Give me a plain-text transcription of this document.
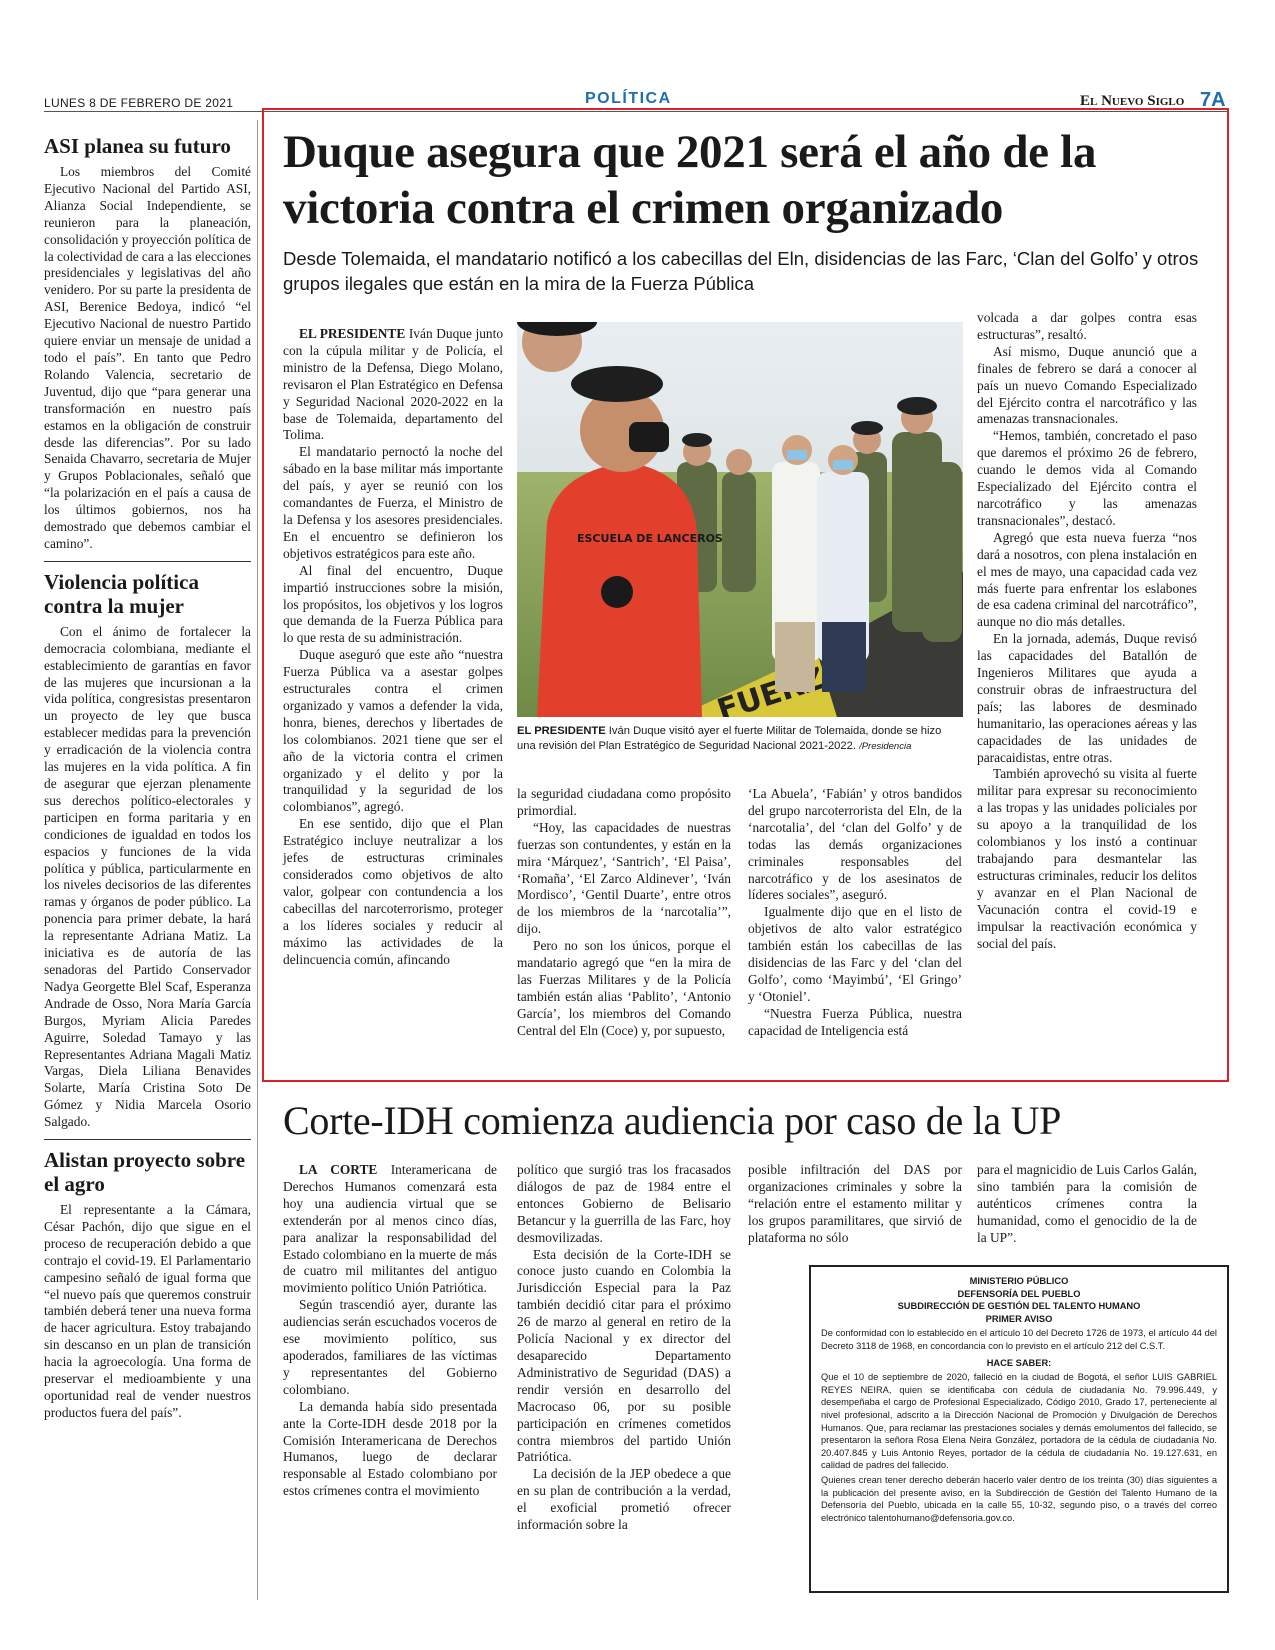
LUNES 8 DE FEBRERO DE 2021	POLÍTICA	El Nuevo Siglo 7A
ASI planea su futuro

Los miembros del Comité Ejecutivo Nacional del Partido ASI, Alianza Social Independiente, se reunieron para la planeación, consolidación y proyección política de la colectividad de cara a las elecciones presidenciales y legislativas del año venidero. Por su parte la presidenta de ASI, Berenice Bedoya, indicó “el Ejecutivo Nacional de nuestro Partido quiere enviar un mensaje de unidad a todo el país”. En tanto que Pedro Rolando Valencia, secretario de Juventud, dijo que “para generar una transformación en nuestro país estamos en la obligación de construir desde las diferencias”. Por su lado Senaida Chavarro, secretaria de Mujer y Grupos Poblacionales, señaló que “la polarización en el país a causa de los últimos gobiernos, nos ha demostrado que debemos cambiar el camino”.

Violencia política contra la mujer

Con el ánimo de fortalecer la democracia colombiana, mediante el establecimiento de garantías en favor de las mujeres que incursionan a la vida política, congresistas presentaron un proyecto de ley que busca establecer medidas para la prevención y erradicación de la violencia contra las mujeres en la vida política. A fin de asegurar que ejerzan plenamente sus derechos político-electorales y participen en forma paritaria y en condiciones de igualdad en todos los espacios y funciones de la vida política y pública, particularmente en los niveles decisorios de las diferentes ramas y órganos de poder público. La ponencia para primer debate, la hará la representante Adriana Matiz. La iniciativa es de autoría de las senadoras del Partido Conservador Nadya Georgette Blel Scaf, Esperanza Andrade de Osso, Nora María García Burgos, Myriam Alicia Paredes Aguirre, Soledad Tamayo y las Representantes Adriana Magali Matiz Vargas, Diela Liliana Benavides Solarte, María Cristina Soto De Gómez y Nidia Marcela Osorio Salgado.

Alistan proyecto sobre el agro

El representante a la Cámara, César Pachón, dijo que sigue en el proceso de recuperación debido a que contrajo el covid-19. El Parlamentario campesino señaló de igual forma que “el nuevo país que queremos construir también deberá tener una nueva forma de hacer agricultura. Estoy trabajando sin descanso en un plan de transición hacia la agroecología. Una forma de preservar el medioambiente y una oportunidad real de vender nuestros productos fuera del país”.

Duque asegura que 2021 será el año de la victoria contra el crimen organizado
Desde Tolemaida, el mandatario notificó a los cabecillas del Eln, disidencias de las Farc, ‘Clan del Golfo’ y otros grupos ilegales que están en la mira de la Fuerza Pública

EL PRESIDENTE Iván Duque junto con la cúpula militar y de Policía, el ministro de la Defensa, Diego Molano, revisaron el Plan Estratégico en Defensa y Seguridad Nacional 2020-2022 en la base de Tolemaida, departamento del Tolima.

El mandatario pernoctó la noche del sábado en la base militar más importante del país, y ayer se reunió con los comandantes de Fuerza, el Ministro de la Defensa y los asesores presidenciales. En el encuentro se definieron los objetivos estratégicos para este año.

Al final del encuentro, Duque impartió instrucciones sobre la misión, los propósitos, los objetivos y los logros que demanda de la Fuerza Pública para lo que resta de su administración.

Duque aseguró que este año “nuestra Fuerza Pública va a asestar golpes estructurales contra el crimen organizado y vamos a defender la vida, honra, bienes, derechos y libertades de los colombianos. 2021 tiene que ser el año de la victoria contra el crimen organizado y el delito y por la tranquilidad y la seguridad de los colombianos”, agregó.

En ese sentido, dijo que el Plan Estratégico incluye neutralizar a los jefes de estructuras criminales considerados como objetivos de alto valor, golpear con contundencia a los cabecillas del narcoterrorismo, proteger a los líderes sociales y reducir al máximo las actividades de la delincuencia común, afincando

ESCUELA DE LANCEROS
EL PRESIDENTE Iván Duque visitó ayer el fuerte Militar de Tolemaida, donde se hizo una revisión del Plan Estratégico de Seguridad Nacional 2021-2022. /Presidencia

la seguridad ciudadana como propósito primordial.

“Hoy, las capacidades de nuestras fuerzas son contundentes, y están en la mira ‘Márquez’, ‘Santrich’, ‘El Paisa’, ‘Romaña’, ‘El Zarco Aldinever’, ‘Iván Mordisco’, ‘Gentil Duarte’, entre otros de los miembros de la ‘narcotalia’”, dijo.

Pero no son los únicos, porque el mandatario agregó que “en la mira de las Fuerzas Militares y de la Policía también están alias ‘Pablito’, ‘Antonio García’, los miembros del Comando Central del Eln (Coce) y, por supuesto,

‘La Abuela’, ‘Fabián’ y otros bandidos del grupo narcoterrorista del Eln, de la ‘narcotalia’, del ‘clan del Golfo’ y de todas las demás organizaciones criminales responsables del narcotráfico y de los asesinatos de líderes sociales”, aseguró.

Igualmente dijo que en el listo de objetivos de alto valor estratégico también están los cabecillas de las disidencias de las Farc y del ‘clan del Golfo’, como ‘Mayimbú’, ‘El Gringo’ y ‘Otoniel’.

“Nuestra Fuerza Pública, nuestra capacidad de Inteligencia está

volcada a dar golpes contra esas estructuras”, resaltó.

Así mismo, Duque anunció que a finales de febrero se dará a conocer al país un nuevo Comando Especializado del Ejército contra el narcotráfico y las amenazas transnacionales.

“Hemos, también, concretado el paso que daremos el próximo 26 de febrero, cuando le demos vida al Comando Especializado del Ejército contra el narcotráfico y las amenazas transnacionales”, destacó.

Agregó que esta nueva fuerza “nos dará a nosotros, con plena instalación en el mes de mayo, una capacidad cada vez más fuerte para enfrentar los eslabones de esa cadena criminal del narcotráfico”, aunque no dio más detalles.

En la jornada, además, Duque revisó las capacidades del Batallón de Ingenieros Militares que ayuda a construir obras de infraestructura del país; las labores de desminado humanitario, las operaciones aéreas y las capacidades de las unidades de paracaidistas, entre otras.

También aprovechó su visita al fuerte militar para expresar su reconocimiento a las tropas y las unidades policiales por su apoyo a la tranquilidad de los colombianos y los instó a continuar trabajando para desmantelar las estructuras criminales, reducir los delitos y avanzar en el Plan Nacional de Vacunación contra el covid-19 e impulsar la reactivación económica y social del país.

Corte-IDH comienza audiencia por caso de la UP

LA CORTE Interamericana de Derechos Humanos comenzará esta hoy una audiencia virtual que se extenderán por al menos cinco días, para analizar la responsabilidad del Estado colombiano en la muerte de más de cuatro mil militantes del antiguo movimiento político Unión Patriótica.

Según trascendió ayer, durante las audiencias serán escuchados voceros de ese movimiento político, sus apoderados, familiares de las víctimas y representantes del Gobierno colombiano.

La demanda había sido presentada ante la Corte-IDH desde 2018 por la Comisión Interamericana de Derechos Humanos, luego de declarar responsable al Estado colombiano por estos crímenes contra el movimiento

político que surgió tras los fracasados diálogos de paz de 1984 entre el entonces Gobierno de Belisario Betancur y la guerrilla de las Farc, hoy desmovilizadas.

Esta decisión de la Corte-IDH se conoce justo cuando en Colombia la Jurisdicción Especial para la Paz también decidió citar para el próximo 26 de marzo al general en retiro de la Policía Nacional y ex director del desaparecido Departamento Administrativo de Seguridad (DAS) a rendir versión en desarrollo del Macrocaso 06, por su posible participación en crímenes cometidos contra miembros del partido Unión Patriótica.

La decisión de la JEP obedece a que en su plan de contribución a la verdad, el exoficial prometió ofrecer información sobre la

posible infiltración del DAS por organizaciones criminales y sobre la “relación entre el estamento militar y los grupos paramilitares, que sirvió de plataforma no sólo

para el magnicidio de Luis Carlos Galán, sino también para la comisión de auténticos crímenes contra la humanidad, como el genocidio de la de la UP”.

MINISTERIO PÚBLICO
DEFENSORÍA DEL PUEBLO
SUBDIRECCIÓN DE GESTIÓN DEL TALENTO HUMANO
PRIMER AVISO

De conformidad con lo establecido en el artículo 10 del Decreto 1726 de 1973, el artículo 44 del Decreto 3118 de 1968, en concordancia con lo previsto en el artículo 212 del C.S.T.

HACE SABER:

Que el 10 de septiembre de 2020, falleció en la ciudad de Bogotá, el señor LUIS GABRIEL REYES NEIRA, quien se identificaba con cédula de ciudadanía No. 79.996.449, y desempeñaba el cargo de Profesional Especializado, Código 2010, Grado 17, perteneciente al nivel profesional, adscrito a la Dirección Nacional de Promoción y Divulgación de Derechos Humanos. Que, para reclamar las prestaciones sociales y demás emolumentos del fallecido, se presentaron la señora Rosa Elena Neira González, portadora de la cédula de ciudadanía No. 20.407.845 y Luis Antonio Reyes, portador de la cédula de ciudadanía No. 19.127.631, en calidad de padres del fallecido.

Quienes crean tener derecho deberán hacerlo valer dentro de los treinta (30) días siguientes a la publicación del presente aviso, en la Subdirección de Gestión del Talento Humano de la Defensoría del Pueblo, ubicada en la calle 55, 10-32, segundo piso, o a través del correo electrónico talentohumano@defensoria.gov.co.
